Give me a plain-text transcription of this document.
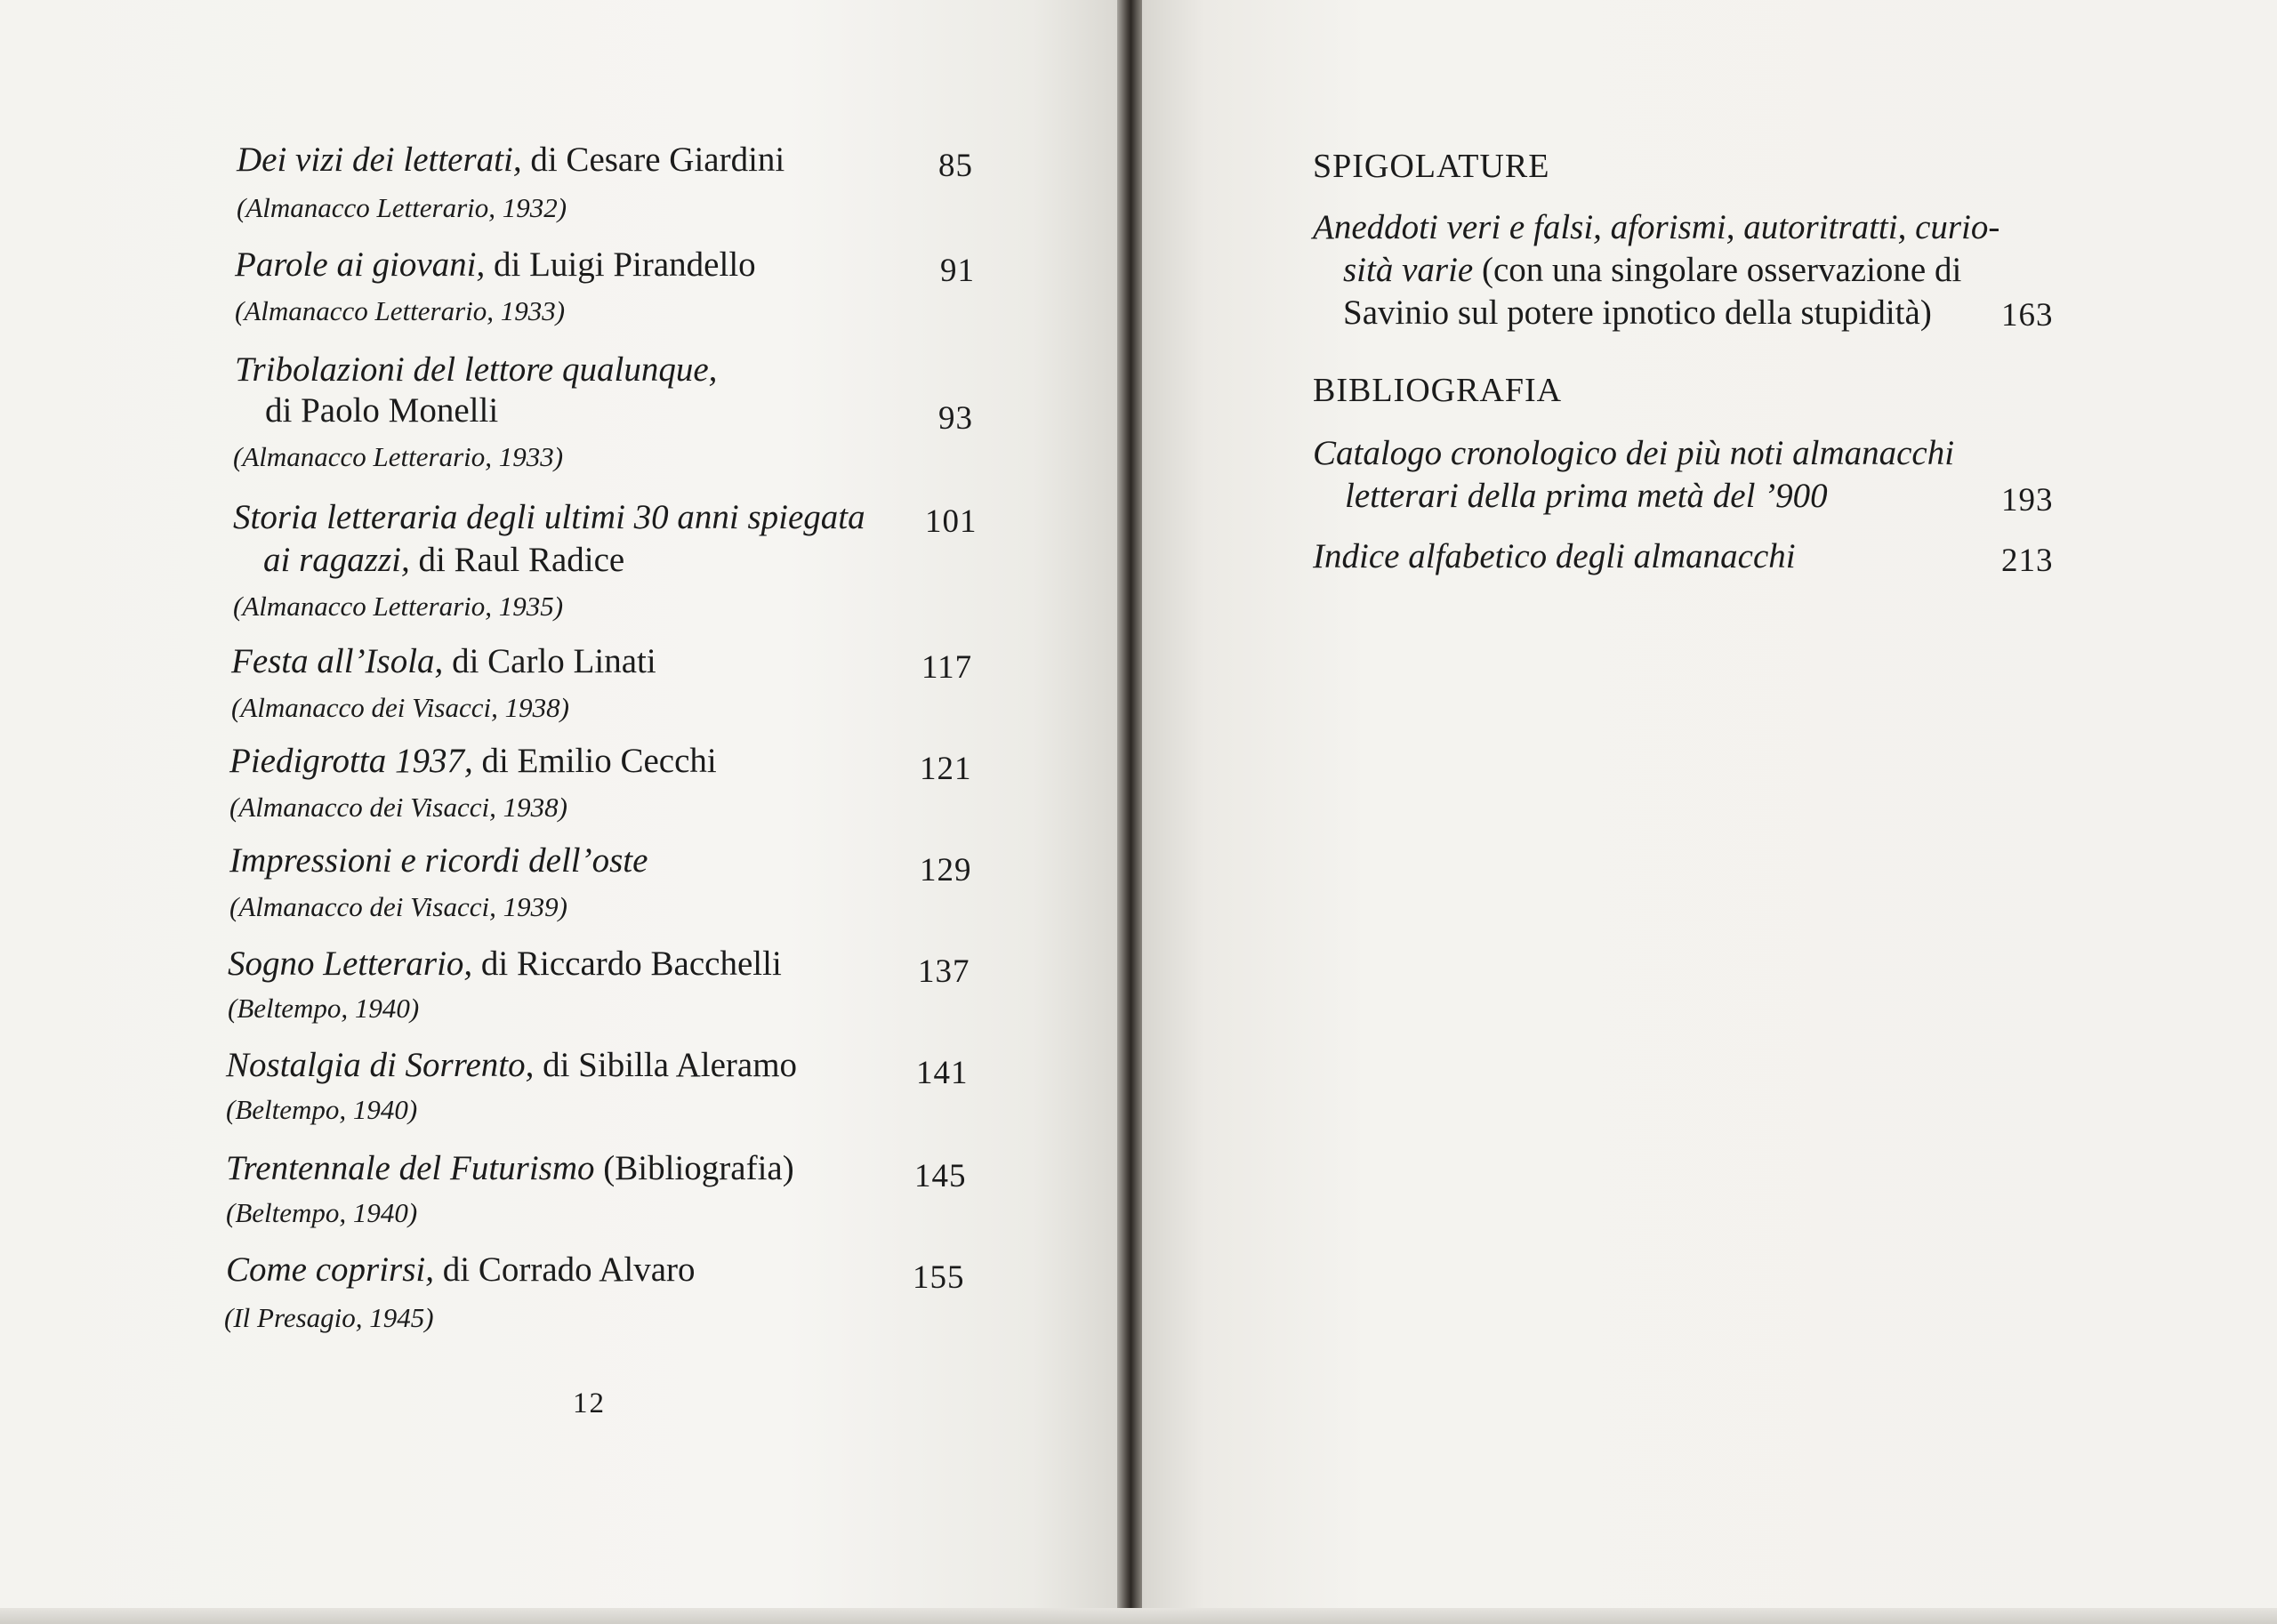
Dei vizi dei letterati, di Cesare Giardini
(Almanacco Letterario, 1932)
85
Parole ai giovani, di Luigi Pirandello
(Almanacco Letterario, 1933)
91
Tribolazioni del lettore qualunque,
di Paolo Monelli
(Almanacco Letterario, 1933)
93
Storia letteraria degli ultimi 30 anni spiegata
ai ragazzi, di Raul Radice
(Almanacco Letterario, 1935)
101
Festa all’Isola, di Carlo Linati
(Almanacco dei Visacci, 1938)
117
Piedigrotta 1937, di Emilio Cecchi
(Almanacco dei Visacci, 1938)
121
Impressioni e ricordi dell’oste
(Almanacco dei Visacci, 1939)
129
Sogno Letterario, di Riccardo Bacchelli
(Beltempo, 1940)
137
Nostalgia di Sorrento, di Sibilla Aleramo
(Beltempo, 1940)
141
Trentennale del Futurismo (Bibliografia)
(Beltempo, 1940)
145
Come coprirsi, di Corrado Alvaro
(Il Presagio, 1945)
155
12
SPIGOLATURE
Aneddoti veri e falsi, aforismi, autoritratti, curio-
sità varie (con una singolare osservazione di
Savinio sul potere ipnotico della stupidità) 163
BIBLIOGRAFIA
Catalogo cronologico dei più noti almanacchi
letterari della prima metà del ’900	193
Indice alfabetico degli almanacchi	213
